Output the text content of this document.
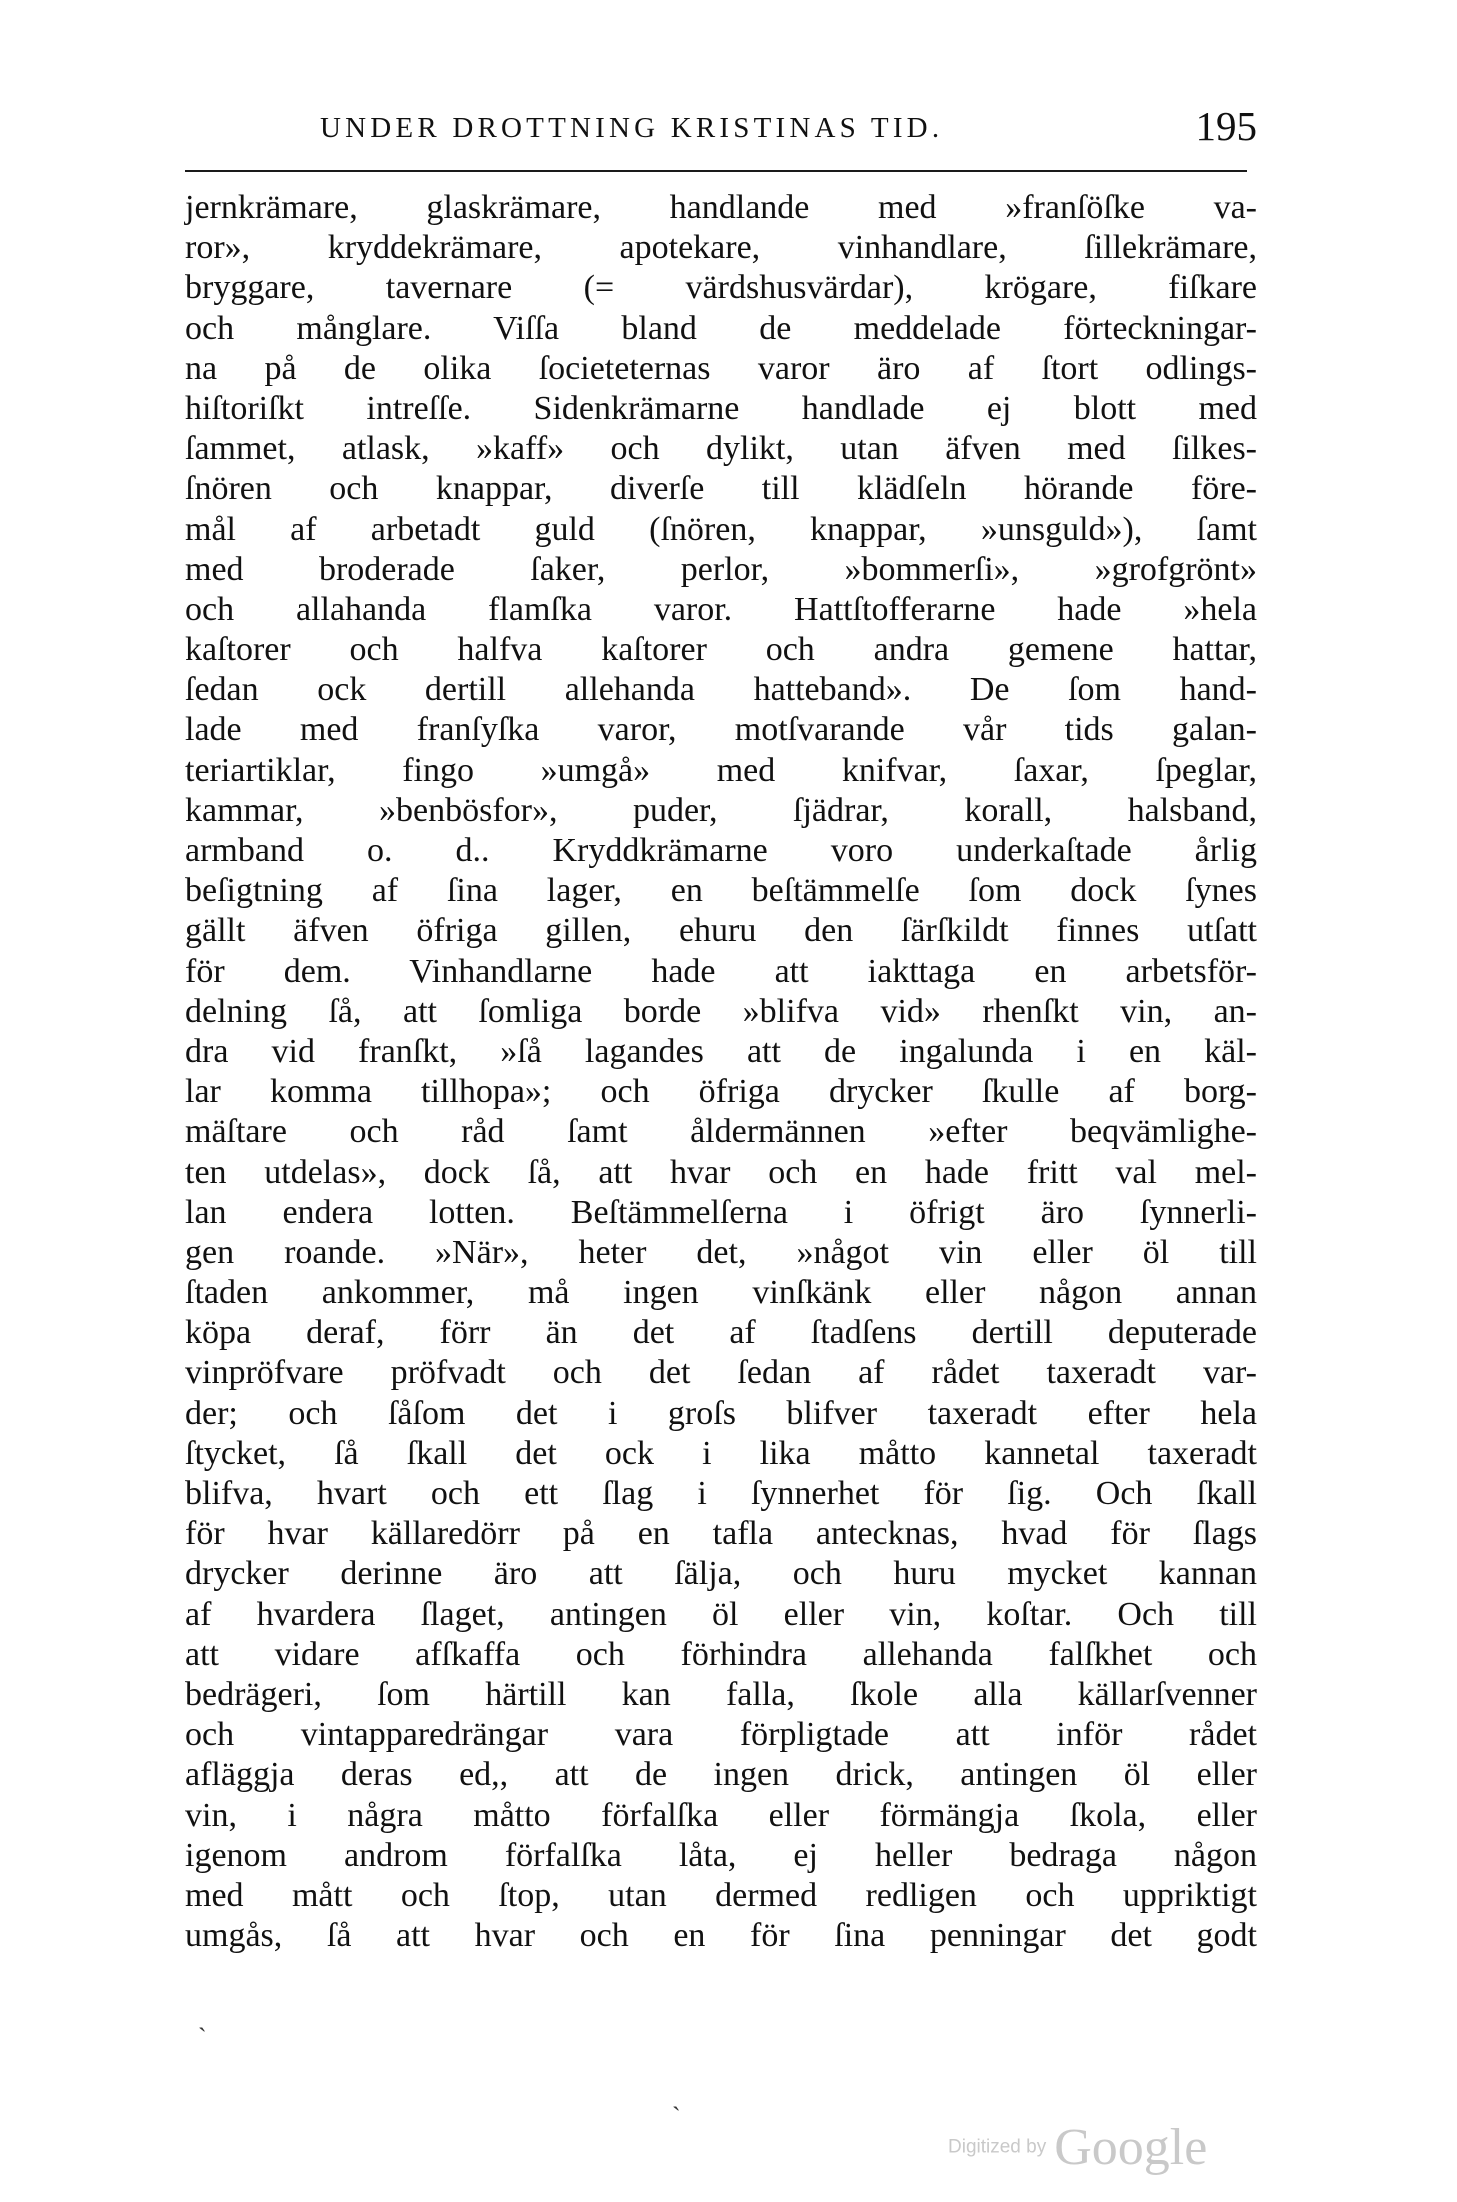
UNDER DROTTNING KRISTINAS TID.	195
jernkrämare, glaskrämare, handlande med »franſöſke va-
ror», kryddekrämare, apotekare, vinhandlare, ſillekrämare,
bryggare, tavernare (= värdshusvärdar), krögare, fiſkare
och månglare. Viſſa bland de meddelade förteckningar-
na på de olika ſocieteternas varor äro af ſtort odlings-
hiſtoriſkt intreſſe. Sidenkrämarne handlade ej blott med
ſammet, atlask, »kaff» och dylikt, utan äfven med ſilkes-
ſnören och knappar, diverſe till klädſeln hörande före-
mål af arbetadt guld (ſnören, knappar, »unsguld»), ſamt
med broderade ſaker, perlor, »bommerſi», »grofgrönt»
och allahanda flamſka varor. Hattſtofferarne hade »hela
kaſtorer och halfva kaſtorer och andra gemene hattar,
ſedan ock dertill allehanda hatteband». De ſom hand-
lade med franſyſka varor, motſvarande vår tids galan-
teriartiklar, fingo »umgå» med knifvar, ſaxar, ſpeglar,
kammar, »benbösfor», puder, ſjädrar, korall, halsband,
armband o. d.. Kryddkrämarne voro underkaſtade årlig
beſigtning af ſina lager, en beſtämmelſe ſom dock ſynes
gällt äfven öfriga gillen, ehuru den ſärſkildt finnes utſatt
för dem. Vinhandlarne hade att iakttaga en arbetsför-
delning ſå, att ſomliga borde »blifva vid» rhenſkt vin, an-
dra vid franſkt, »ſå lagandes att de ingalunda i en käl-
lar komma tillhopa»; och öfriga drycker ſkulle af borg-
mäſtare och råd ſamt åldermännen »efter beqvämlighe-
ten utdelas», dock ſå, att hvar och en hade fritt val mel-
lan endera lotten. Beſtämmelſerna i öfrigt äro ſynnerli-
gen roande. »När», heter det, »något vin eller öl till
ſtaden ankommer, må ingen vinſkänk eller någon annan
köpa deraf, förr än det af ſtadſens dertill deputerade
vinpröfvare pröfvadt och det ſedan af rådet taxeradt var-
der; och ſåſom det i groſs blifver taxeradt efter hela
ſtycket, ſå ſkall det ock i lika måtto kannetal taxeradt
blifva, hvart och ett ſlag i ſynnerhet för ſig. Och ſkall
för hvar källaredörr på en tafla antecknas, hvad för ſlags
drycker derinne äro att ſälja, och huru mycket kannan
af hvardera ſlaget, antingen öl eller vin, koſtar. Och till
att vidare afſkaffa och förhindra allehanda falſkhet och
bedrägeri, ſom härtill kan falla, ſkole alla källarſvenner
och vintapparedrängar vara förpligtade att inför rådet
afläggja deras ed,, att de ingen drick, antingen öl eller
vin, i några måtto förfalſka eller förmängja ſkola, eller
igenom androm förfalſka låta, ej heller bedraga någon
med mått och ſtop, utan dermed redligen och uppriktigt
umgås, ſå att hvar och en för ſina penningar det godt
ˏ
ˏ
Digitized by Google
